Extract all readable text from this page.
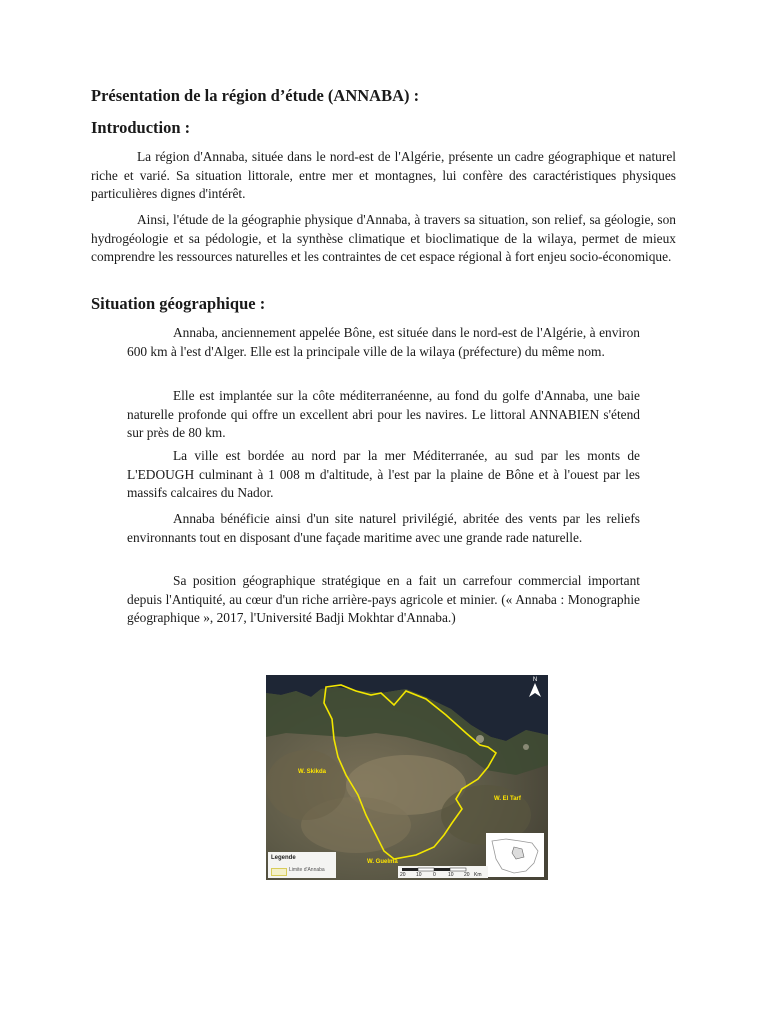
Présentation de la région d’étude (ANNABA) :
Introduction :

La région d'Annaba, située dans le nord-est de l'Algérie, présente un cadre géographique et naturel riche et varié. Sa situation littorale, entre mer et montagnes, lui confère des caractéristiques physiques particulières dignes d'intérêt.

Ainsi, l'étude de la géographie physique d'Annaba, à travers sa situation, son relief, sa géologie, son hydrogéologie et sa pédologie, et la synthèse climatique et bioclimatique de la wilaya, permet de mieux comprendre les ressources naturelles et les contraintes de cet espace régional à fort enjeu socio-économique.

Situation géographique :

Annaba, anciennement appelée Bône, est située dans le nord-est de l'Algérie, à environ 600 km à l'est d'Alger. Elle est la principale ville de la wilaya (préfecture) du même nom.

Elle est implantée sur la côte méditerranéenne, au fond du golfe d'Annaba, une baie naturelle profonde qui offre un excellent abri pour les navires. Le littoral ANNABIEN s'étend sur près de 80 km.

La ville est bordée au nord par la mer Méditerranée, au sud par les monts de L'EDOUGH culminant à 1 008 m d'altitude, à l'est par la plaine de Bône et à l'ouest par les massifs calcaires du Nador.

Annaba bénéficie ainsi d'un site naturel privilégié, abritée des vents par les reliefs environnants tout en disposant d'une façade maritime avec une grande rade naturelle.

Sa position géographique stratégique en a fait un carrefour commercial important depuis l'Antiquité, au cœur d'un riche arrière-pays agricole et minier. (« Annaba : Monographie géographique », 2017, l'Université Badji Mokhtar d'Annaba.)

W. Skikda
W. El Tarf
W. Guelma
N
Legende
Limite d'Annaba
20 10 0 10 20 Km
